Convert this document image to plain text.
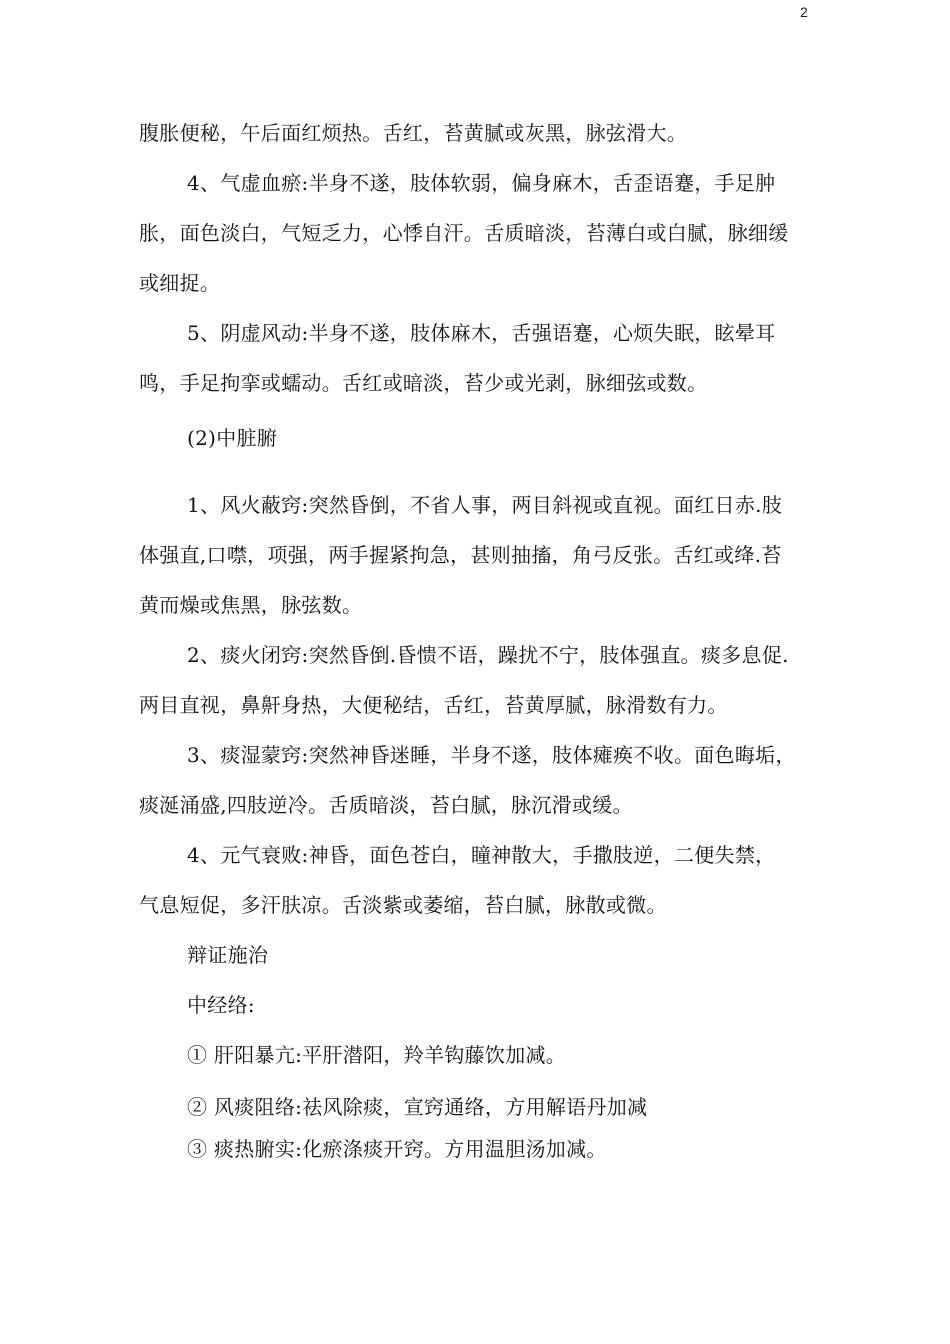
2
腹胀便秘，午后面红烦热。舌红，苔黄腻或灰黑，脉弦滑大。
4、气虚血瘀:半身不遂，肢体软弱，偏身麻木，舌歪语蹇，手足肿
胀，面色淡白，气短乏力，心悸自汗。舌质暗淡，苔薄白或白腻，脉细缓
或细捉。
5、阴虚风动:半身不遂，肢体麻木，舌强语蹇，心烦失眠，眩晕耳
鸣，手足拘挛或蠕动。舌红或暗淡，苔少或光剥，脉细弦或数。
(2)中脏腑
1、风火蔽窍:突然昏倒，不省人事，两目斜视或直视。面红日赤.肢
体强直,口噤，项强，两手握紧拘急，甚则抽搐，角弓反张。舌红或绛.苔
黄而燥或焦黑，脉弦数。
2、痰火闭窍:突然昏倒.昏愦不语，躁扰不宁，肢体强直。痰多息促.
两目直视，鼻鼾身热，大便秘结，舌红，苔黄厚腻，脉滑数有力。
3、痰湿蒙窍:突然神昏迷睡，半身不遂，肢体瘫痪不收。面色晦垢，
痰涎涌盛,四肢逆冷。舌质暗淡，苔白腻，脉沉滑或缓。
4、元气衰败:神昏，面色苍白，瞳神散大，手撒肢逆，二便失禁，
气息短促，多汗肤凉。舌淡紫或萎缩，苔白腻，脉散或微。
辩证施治
中经络:
① 肝阳暴亢:平肝潜阳，羚羊钩藤饮加减。
② 风痰阻络:祛风除痰，宣窍通络，方用解语丹加减
③ 痰热腑实:化瘀涤痰开窍。方用温胆汤加减。
